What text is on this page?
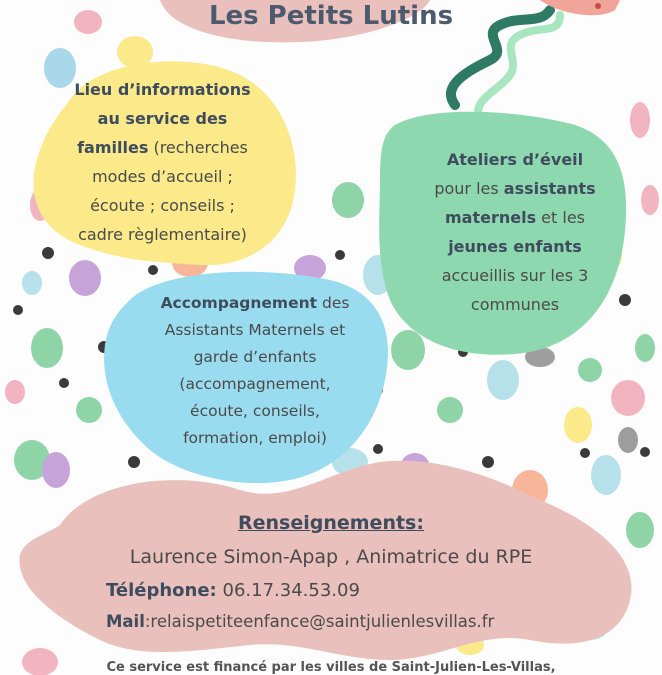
Les Petits Lutins
Lieu d’informations
au service des
familles (recherches
modes d’accueil ;
écoute ; conseils ;
cadre règlementaire)
Ateliers d’éveil
pour les assistants
maternels et les
jeunes enfants
accueillis sur les 3
communes
Accompagnement des
Assistants Maternels et
garde d’enfants
(accompagnement,
écoute, conseils,
formation, emploi)
Renseignements:
Laurence Simon-Apap , Animatrice du RPE
Téléphone: 06.17.34.53.09
Mail:relaispetiteenfance@saintjulienlesvillas.fr
Ce service est financé par les villes de Saint-Julien-Les-Villas,
